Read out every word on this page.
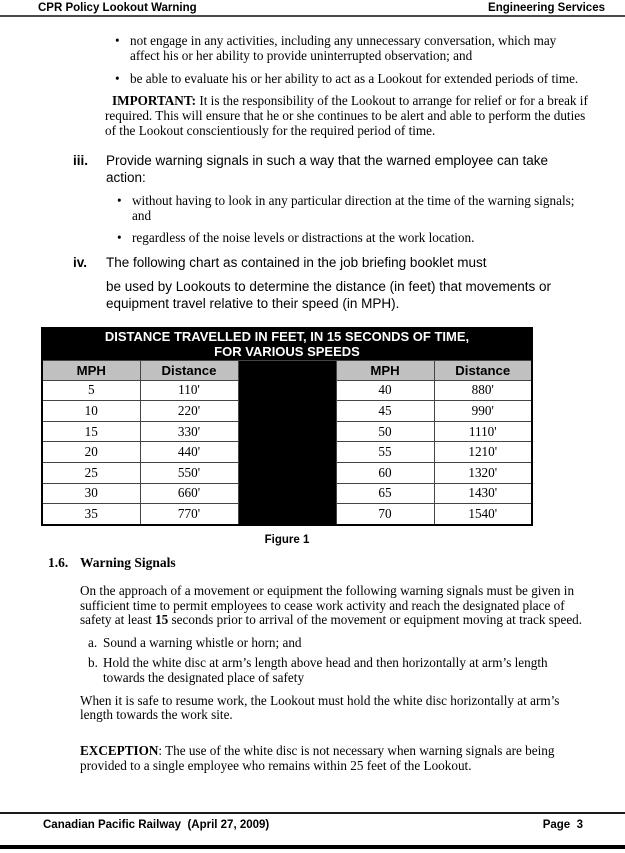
CPR Policy Lookout Warning	Engineering Services
• not engage in any activities, including any unnecessary conversation, which may affect his or her ability to provide uninterrupted observation; and
• be able to evaluate his or her ability to act as a Lookout for extended periods of time.
IMPORTANT: It is the responsibility of the Lookout to arrange for relief or for a break if required. This will ensure that he or she continues to be alert and able to perform the duties of the Lookout conscientiously for the required period of time.
iii.	Provide warning signals in such a way that the warned employee can take action:
• without having to look in any particular direction at the time of the warning signals; and
• regardless of the noise levels or distractions at the work location.
iv.	The following chart as contained in the job briefing booklet must
be used by Lookouts to determine the distance (in feet) that movements or equipment travel relative to their speed (in MPH).
DISTANCE TRAVELLED IN FEET, IN 15 SECONDS OF TIME,
FOR VARIOUS SPEEDS				

MPH	Distance		MPH	Distance
5	110'		40	880'
10	220'		45	990'
15	330'		50	1110'
20	440'		55	1210'
25	550'		60	1320'
30	660'		65	1430'
35	770'		70	1540'
Figure 1
1.6. Warning Signals
On the approach of a movement or equipment the following warning signals must be given in sufficient time to permit employees to cease work activity and reach the designated place of safety at least 15 seconds prior to arrival of the movement or equipment moving at track speed.
a. Sound a warning whistle or horn; and
b. Hold the white disc at arm’s length above head and then horizontally at arm’s length towards the designated place of safety
When it is safe to resume work, the Lookout must hold the white disc horizontally at arm’s length towards the work site.
EXCEPTION: The use of the white disc is not necessary when warning signals are being provided to a single employee who remains within 25 feet of the Lookout.
Canadian Pacific Railway  (April 27, 2009)	Page  3
